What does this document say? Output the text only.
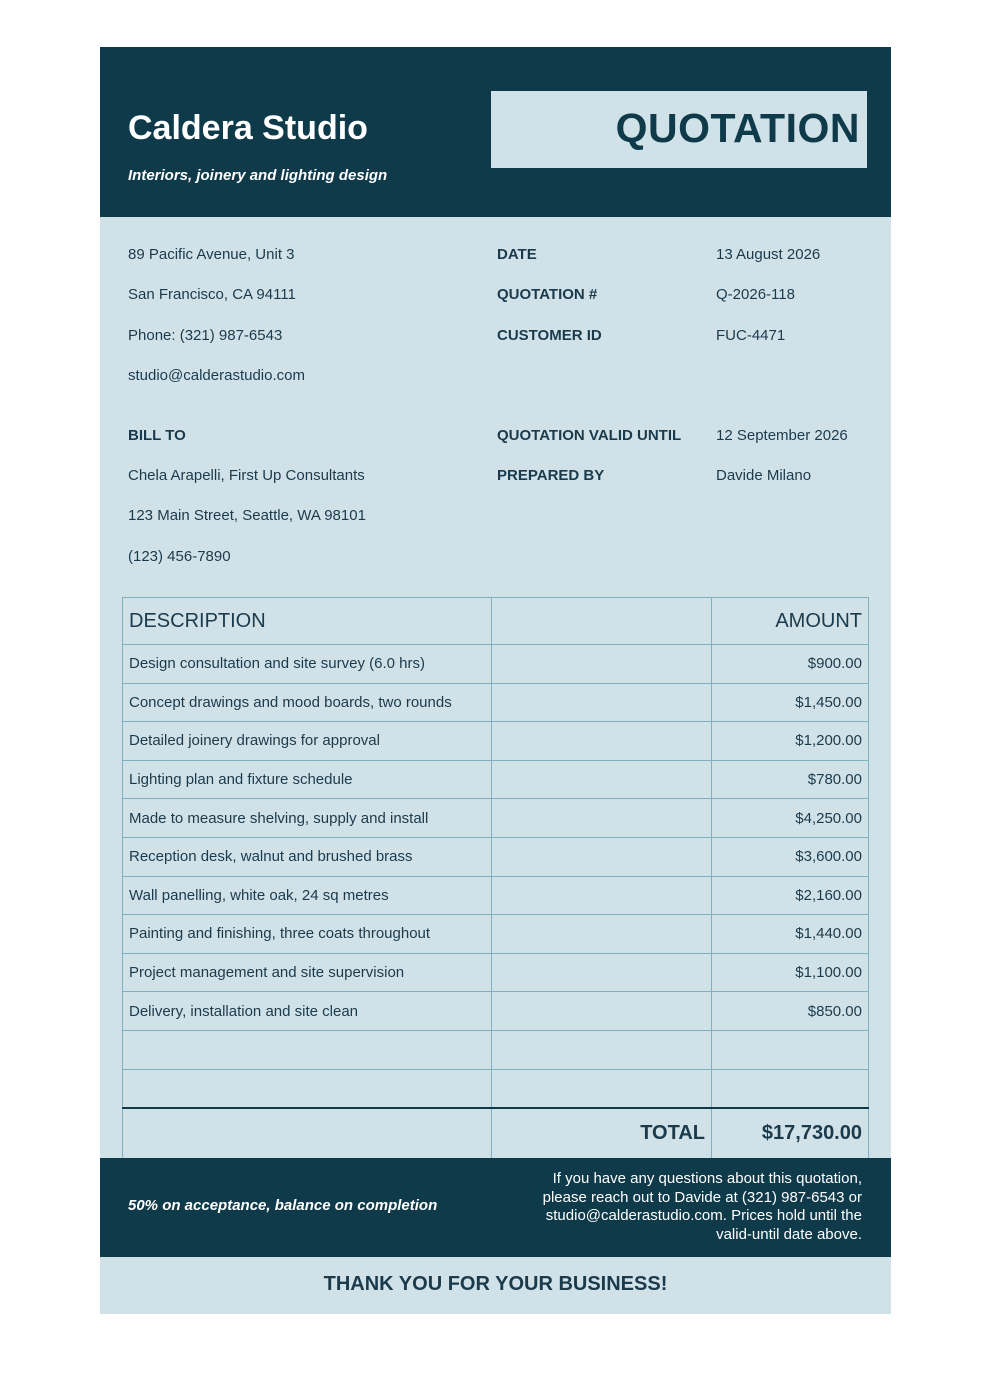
Caldera Studio
Interiors, joinery and lighting design
QUOTATION
89 Pacific Avenue, Unit 3
San Francisco, CA 94111
Phone: (321) 987-6543
studio@calderastudio.com
DATE	13 August 2026
QUOTATION #	Q-2026-118
CUSTOMER ID	FUC-4471
BILL TO
Chela Arapelli, First Up Consultants
123 Main Street, Seattle, WA 98101
(123) 456-7890
QUOTATION VALID UNTIL 12 September 2026
PREPARED BY	Davide Milano
DESCRIPTION		AMOUNT
Design consultation and site survey (6.0 hrs)		$900.00
Concept drawings and mood boards, two rounds		$1,450.00
Detailed joinery drawings for approval		$1,200.00
Lighting plan and fixture schedule		$780.00
Made to measure shelving, supply and install		$4,250.00
Reception desk, walnut and brushed brass		$3,600.00
Wall panelling, white oak, 24 sq metres		$2,160.00
Painting and finishing, three coats throughout		$1,440.00
Project management and site supervision		$1,100.00
Delivery, installation and site clean		$850.00

	TOTAL	$17,730.00
50% on acceptance, balance on completion
If you have any questions about this quotation, please reach out to Davide at (321) 987-6543 or studio@calderastudio.com. Prices hold until the valid-until date above.
THANK YOU FOR YOUR BUSINESS!
